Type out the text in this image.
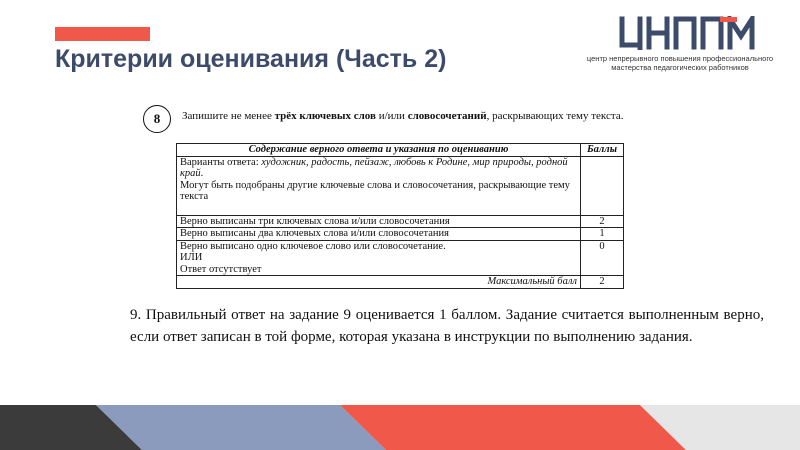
Критерии оценивания (Часть 2)	центр непрерывного повышения профессионального
мастерства педагогических работников
8	Запишите не менее трёх ключевых слов и/или словосочетаний, раскрывающих тему текста.
Содержание верного ответа и указания по оцениванию	Баллы
Варианты ответа: художник, радость, пейзаж, любовь к Родине, мир природы, родной край.
Могут быть подобраны другие ключевые слова и словосочетания, раскрывающие тему текста	
Верно выписаны три ключевых слова и/или словосочетания	2
Верно выписаны два ключевых слова и/или словосочетания	1
Верно выписано одно ключевое слово или словосочетание.
ИЛИ
Ответ отсутствует	0
Максимальный балл	2

9. Правильный ответ на задание 9 оценивается 1 баллом. Задание считается выполненным верно, если ответ записан в той форме, которая указана в инструкции по выполнению задания.
